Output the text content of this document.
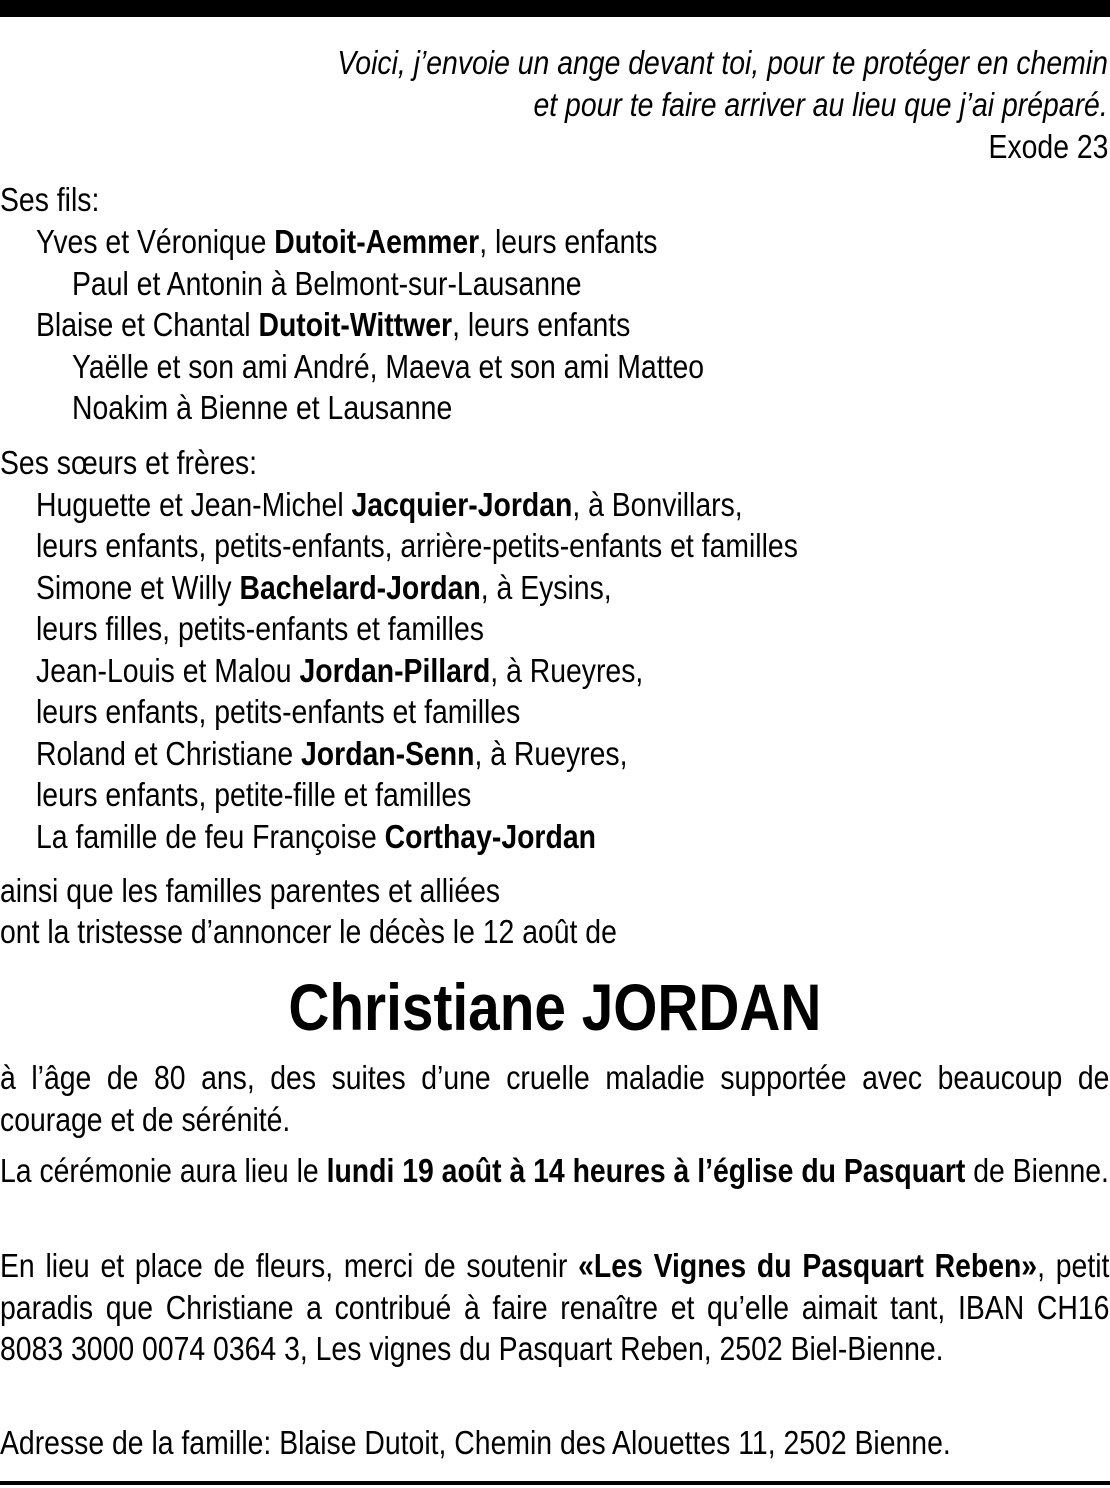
Voici, j’envoie un ange devant toi, pour te protéger en chemin
et pour te faire arriver au lieu que j’ai préparé.
Exode 23
Ses fils:
Yves et Véronique Dutoit-Aemmer, leurs enfants
Paul et Antonin à Belmont-sur-Lausanne
Blaise et Chantal Dutoit-Wittwer, leurs enfants
Yaëlle et son ami André, Maeva et son ami Matteo
Noakim à Bienne et Lausanne
Ses sœurs et frères:
Huguette et Jean-Michel Jacquier-Jordan, à Bonvillars,
leurs enfants, petits-enfants, arrière-petits-enfants et familles
Simone et Willy Bachelard-Jordan, à Eysins,
leurs filles, petits-enfants et familles
Jean-Louis et Malou Jordan-Pillard, à Rueyres,
leurs enfants, petits-enfants et familles
Roland et Christiane Jordan-Senn, à Rueyres,
leurs enfants, petite-fille et familles
La famille de feu Françoise Corthay-Jordan
ainsi que les familles parentes et alliées
ont la tristesse d’annoncer le décès le 12 août de
Christiane JORDAN
à l’âge de 80 ans, des suites d’une cruelle maladie supportée avec beaucoup de courage et de sérénité.
La cérémonie aura lieu le lundi 19 août à 14 heures à l’église du Pasquart de Bienne.
En lieu et place de fleurs, merci de soutenir «Les Vignes du Pasquart Reben», petit paradis que Christiane a contribué à faire renaître et qu’elle aimait tant, IBAN CH16 8083 3000 0074 0364 3, Les vignes du Pasquart Reben, 2502 Biel-Bienne.
Adresse de la famille: Blaise Dutoit, Chemin des Alouettes 11, 2502 Bienne.
